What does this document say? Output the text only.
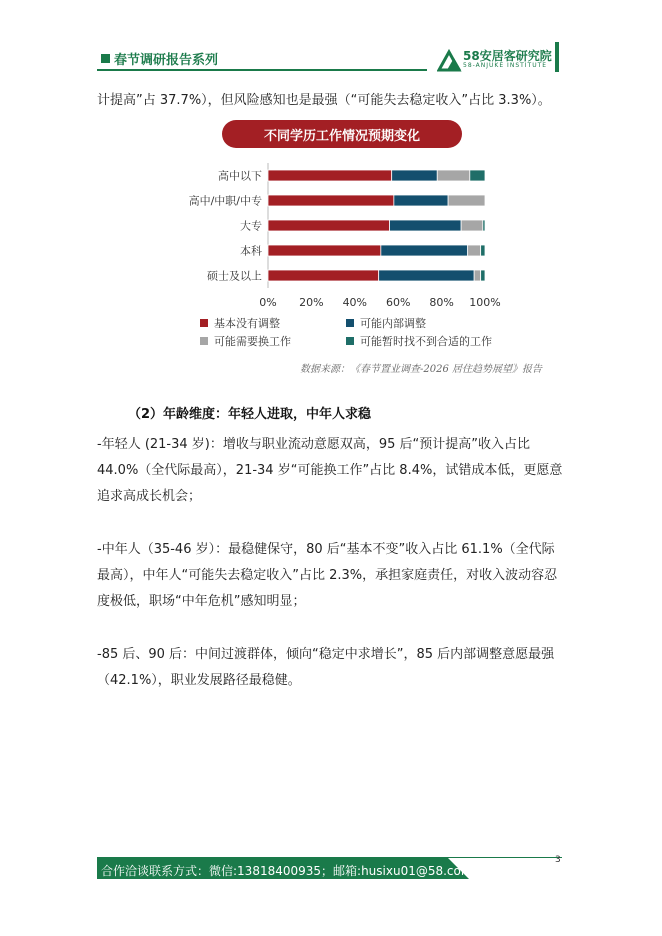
春节调研报告系列	58安居客研究院
58-ANJUKE INSTITUTE
计提高”占 37.7%），但风险感知也是最强（“可能失去稳定收入”占比 3.3%）。
不同学历工作情况预期变化
高中以下
高中/中职/中专
大专
本科
硕士及以上
0% 20% 40% 60% 80% 100%
基本没有调整	可能内部调整
可能需要换工作	可能暂时找不到合适的工作
数据来源：《春节置业调查-2026 居住趋势展望》报告
（2）年龄维度：年轻人进取，中年人求稳
-年轻人 (21-34 岁)：增收与职业流动意愿双高，95 后“预计提高”收入占比 44.0%（全代际最高），21-34 岁“可能换工作”占比 8.4%，试错成本低，更愿意追求高成长机会；
-中年人（35-46 岁）：最稳健保守，80 后“基本不变”收入占比 61.1%（全代际最高），中年人“可能失去稳定收入”占比 2.3%，承担家庭责任，对收入波动容忍度极低，职场“中年危机”感知明显；
-85 后、90 后：中间过渡群体，倾向“稳定中求增长”，85 后内部调整意愿最强（42.1%），职业发展路径最稳健。
合作洽谈联系方式：微信:13818400935；邮箱:husixu01@58.com；
3
